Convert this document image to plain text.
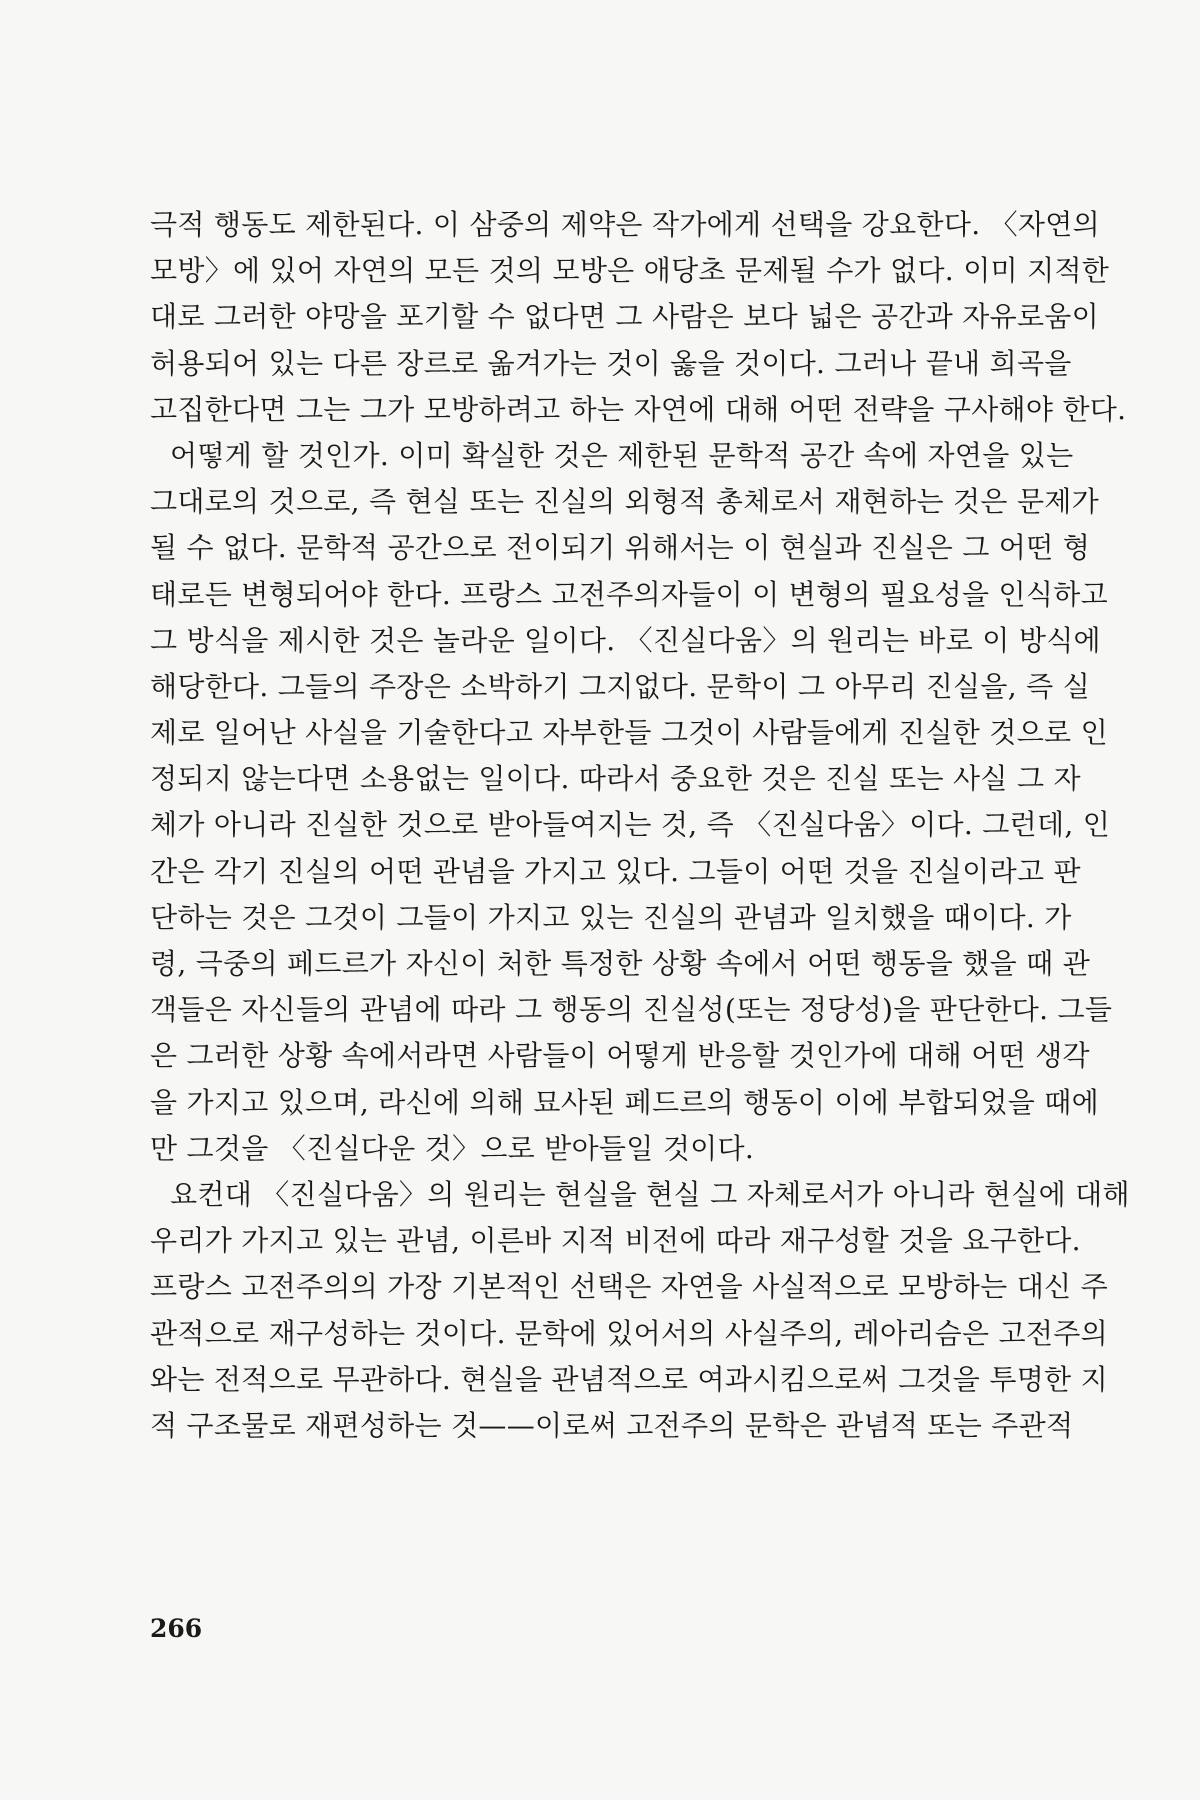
극적 행동도 제한된다. 이 삼중의 제약은 작가에게 선택을 강요한다. 〈자연의
모방〉에 있어 자연의 모든 것의 모방은 애당초 문제될 수가 없다. 이미 지적한
대로 그러한 야망을 포기할 수 없다면 그 사람은 보다 넓은 공간과 자유로움이
허용되어 있는 다른 장르로 옮겨가는 것이 옳을 것이다. 그러나 끝내 희곡을
고집한다면 그는 그가 모방하려고 하는 자연에 대해 어떤 전략을 구사해야 한다.
어떻게 할 것인가. 이미 확실한 것은 제한된 문학적 공간 속에 자연을 있는
그대로의 것으로, 즉 현실 또는 진실의 외형적 총체로서 재현하는 것은 문제가
될 수 없다. 문학적 공간으로 전이되기 위해서는 이 현실과 진실은 그 어떤 형
태로든 변형되어야 한다. 프랑스 고전주의자들이 이 변형의 필요성을 인식하고
그 방식을 제시한 것은 놀라운 일이다. 〈진실다움〉의 원리는 바로 이 방식에
해당한다. 그들의 주장은 소박하기 그지없다. 문학이 그 아무리 진실을, 즉 실
제로 일어난 사실을 기술한다고 자부한들 그것이 사람들에게 진실한 것으로 인
정되지 않는다면 소용없는 일이다. 따라서 중요한 것은 진실 또는 사실 그 자
체가 아니라 진실한 것으로 받아들여지는 것, 즉 〈진실다움〉이다. 그런데, 인
간은 각기 진실의 어떤 관념을 가지고 있다. 그들이 어떤 것을 진실이라고 판
단하는 것은 그것이 그들이 가지고 있는 진실의 관념과 일치했을 때이다. 가
령, 극중의 페드르가 자신이 처한 특정한 상황 속에서 어떤 행동을 했을 때 관
객들은 자신들의 관념에 따라 그 행동의 진실성(또는 정당성)을 판단한다. 그들
은 그러한 상황 속에서라면 사람들이 어떻게 반응할 것인가에 대해 어떤 생각
을 가지고 있으며, 라신에 의해 묘사된 페드르의 행동이 이에 부합되었을 때에
만 그것을 〈진실다운 것〉으로 받아들일 것이다.
요컨대 〈진실다움〉의 원리는 현실을 현실 그 자체로서가 아니라 현실에 대해
우리가 가지고 있는 관념, 이른바 지적 비전에 따라 재구성할 것을 요구한다.
프랑스 고전주의의 가장 기본적인 선택은 자연을 사실적으로 모방하는 대신 주
관적으로 재구성하는 것이다. 문학에 있어서의 사실주의, 레아리슴은 고전주의
와는 전적으로 무관하다. 현실을 관념적으로 여과시킴으로써 그것을 투명한 지
적 구조물로 재편성하는 것——이로써 고전주의 문학은 관념적 또는 주관적
266
